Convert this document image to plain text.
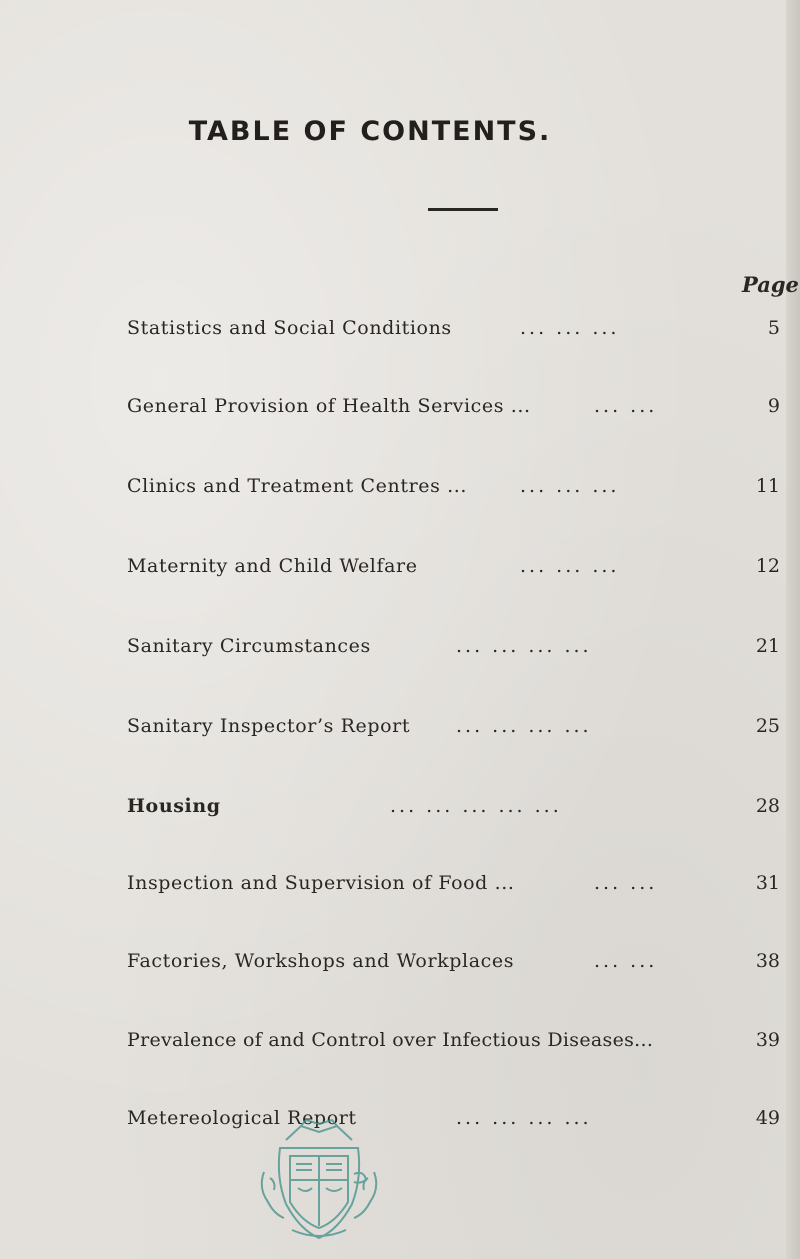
TABLE OF CONTENTS.
Page
Statistics and Social Conditions	... ... ...	5
General Provision of Health Services ...	... ...	9
Clinics and Treatment Centres ...	... ... ...	11
Maternity and Child Welfare	... ... ...	12
Sanitary Circumstances	... ... ... ...	21
Sanitary Inspector’s Report ... ... ... ...	25
Housing	... ... ... ... ...	28
Inspection and Supervision of Food ...	... ...	31
Factories, Workshops and Workplaces	... ...	38
Prevalence of and Control over Infectious Diseases...	39
Metereological Report	... ... ... ...	49
